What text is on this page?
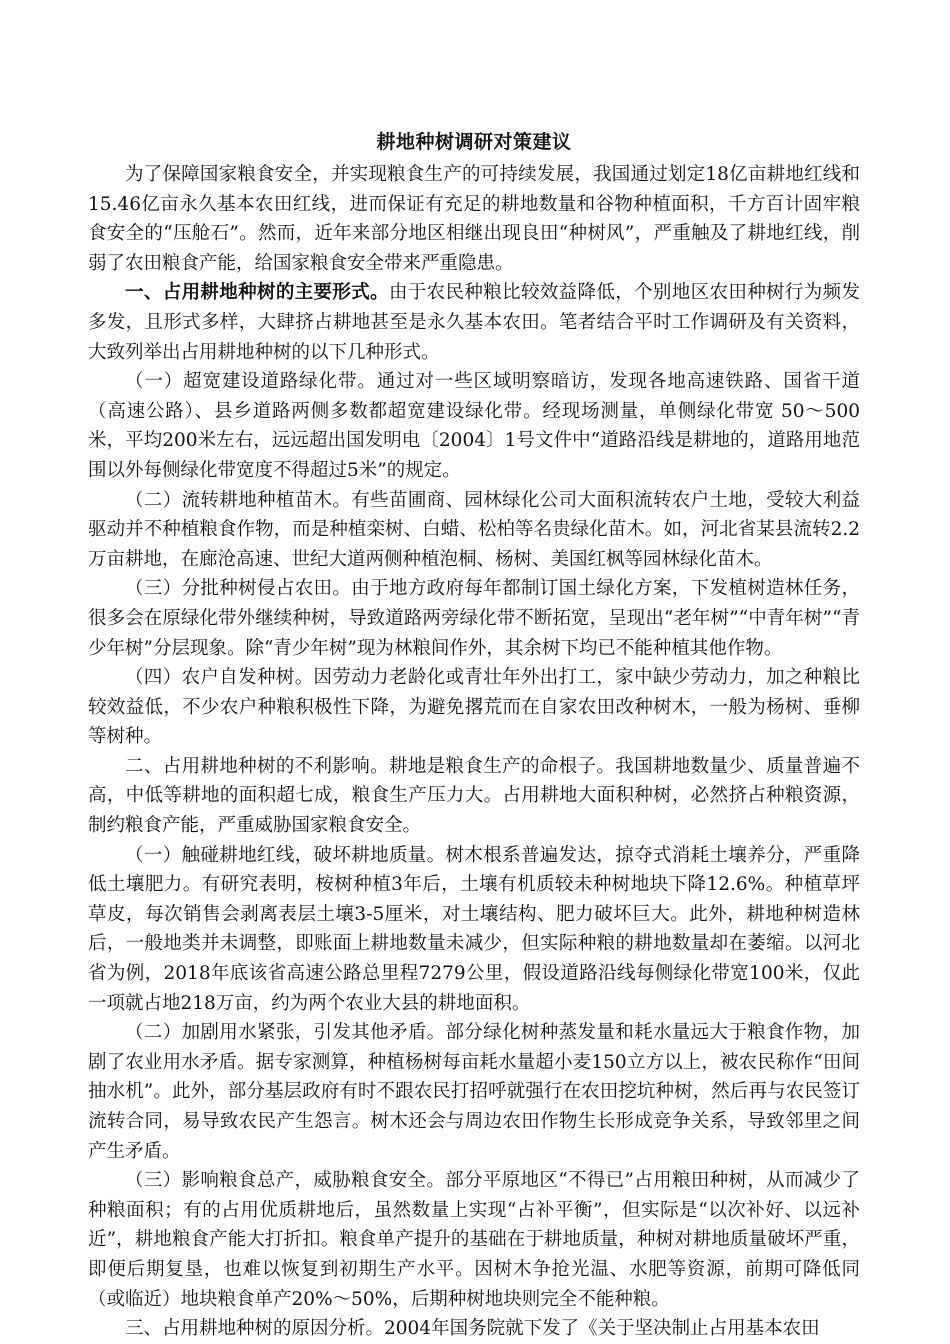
耕地种树调研对策建议

为了保障国家粮食安全，并实现粮食生产的可持续发展，我国通过划定18亿亩耕地红线和15.46亿亩永久基本农田红线，进而保证有充足的耕地数量和谷物种植面积，千方百计固牢粮食安全的“压舱石”。然而，近年来部分地区相继出现良田“种树风”，严重触及了耕地红线，削弱了农田粮食产能，给国家粮食安全带来严重隐患。

一、占用耕地种树的主要形式。由于农民种粮比较效益降低，个别地区农田种树行为频发多发，且形式多样，大肆挤占耕地甚至是永久基本农田。笔者结合平时工作调研及有关资料，大致列举出占用耕地种树的以下几种形式。

（一）超宽建设道路绿化带。通过对一些区域明察暗访，发现各地高速铁路、国省干道（高速公路）、县乡道路两侧多数都超宽建设绿化带。经现场测量，单侧绿化带宽 50～500米，平均200米左右，远远超出国发明电〔2004〕1号文件中“道路沿线是耕地的，道路用地范围以外每侧绿化带宽度不得超过5米”的规定。

（二）流转耕地种植苗木。有些苗圃商、园林绿化公司大面积流转农户土地，受较大利益驱动并不种植粮食作物，而是种植栾树、白蜡、松柏等名贵绿化苗木。如，河北省某县流转2.2万亩耕地，在廊沧高速、世纪大道两侧种植泡桐、杨树、美国红枫等园林绿化苗木。

（三）分批种树侵占农田。由于地方政府每年都制订国土绿化方案，下发植树造林任务，很多会在原绿化带外继续种树，导致道路两旁绿化带不断拓宽，呈现出“老年树”“中青年树”“青少年树”分层现象。除“青少年树”现为林粮间作外，其余树下均已不能种植其他作物。

（四）农户自发种树。因劳动力老龄化或青壮年外出打工，家中缺少劳动力，加之种粮比较效益低，不少农户种粮积极性下降，为避免撂荒而在自家农田改种树木，一般为杨树、垂柳等树种。

二、占用耕地种树的不利影响。耕地是粮食生产的命根子。我国耕地数量少、质量普遍不高，中低等耕地的面积超七成，粮食生产压力大。占用耕地大面积种树，必然挤占种粮资源，制约粮食产能，严重威胁国家粮食安全。

（一）触碰耕地红线，破坏耕地质量。树木根系普遍发达，掠夺式消耗土壤养分，严重降低土壤肥力。有研究表明，桉树种植3年后，土壤有机质较未种树地块下降12.6%。种植草坪草皮，每次销售会剥离表层土壤3-5厘米，对土壤结构、肥力破坏巨大。此外，耕地种树造林后，一般地类并未调整，即账面上耕地数量未减少，但实际种粮的耕地数量却在萎缩。以河北省为例，2018年底该省高速公路总里程7279公里，假设道路沿线每侧绿化带宽100米，仅此一项就占地218万亩，约为两个农业大县的耕地面积。

（二）加剧用水紧张，引发其他矛盾。部分绿化树种蒸发量和耗水量远大于粮食作物，加剧了农业用水矛盾。据专家测算，种植杨树每亩耗水量超小麦150立方以上，被农民称作“田间抽水机”。此外，部分基层政府有时不跟农民打招呼就强行在农田挖坑种树，然后再与农民签订流转合同，易导致农民产生怨言。树木还会与周边农田作物生长形成竞争关系，导致邻里之间产生矛盾。

（三）影响粮食总产，威胁粮食安全。部分平原地区“不得已”占用粮田种树，从而减少了种粮面积；有的占用优质耕地后，虽然数量上实现“占补平衡”，但实际是“以次补好、以远补近”，耕地粮食产能大打折扣。粮食单产提升的基础在于耕地质量，种树对耕地质量破坏严重，即便后期复垦，也难以恢复到初期生产水平。因树木争抢光温、水肥等资源，前期可降低同（或临近）地块粮食单产20%～50%，后期种树地块则完全不能种粮。

三、占用耕地种树的原因分析。2004年国务院就下发了《关于坚决制止占用基本农田
